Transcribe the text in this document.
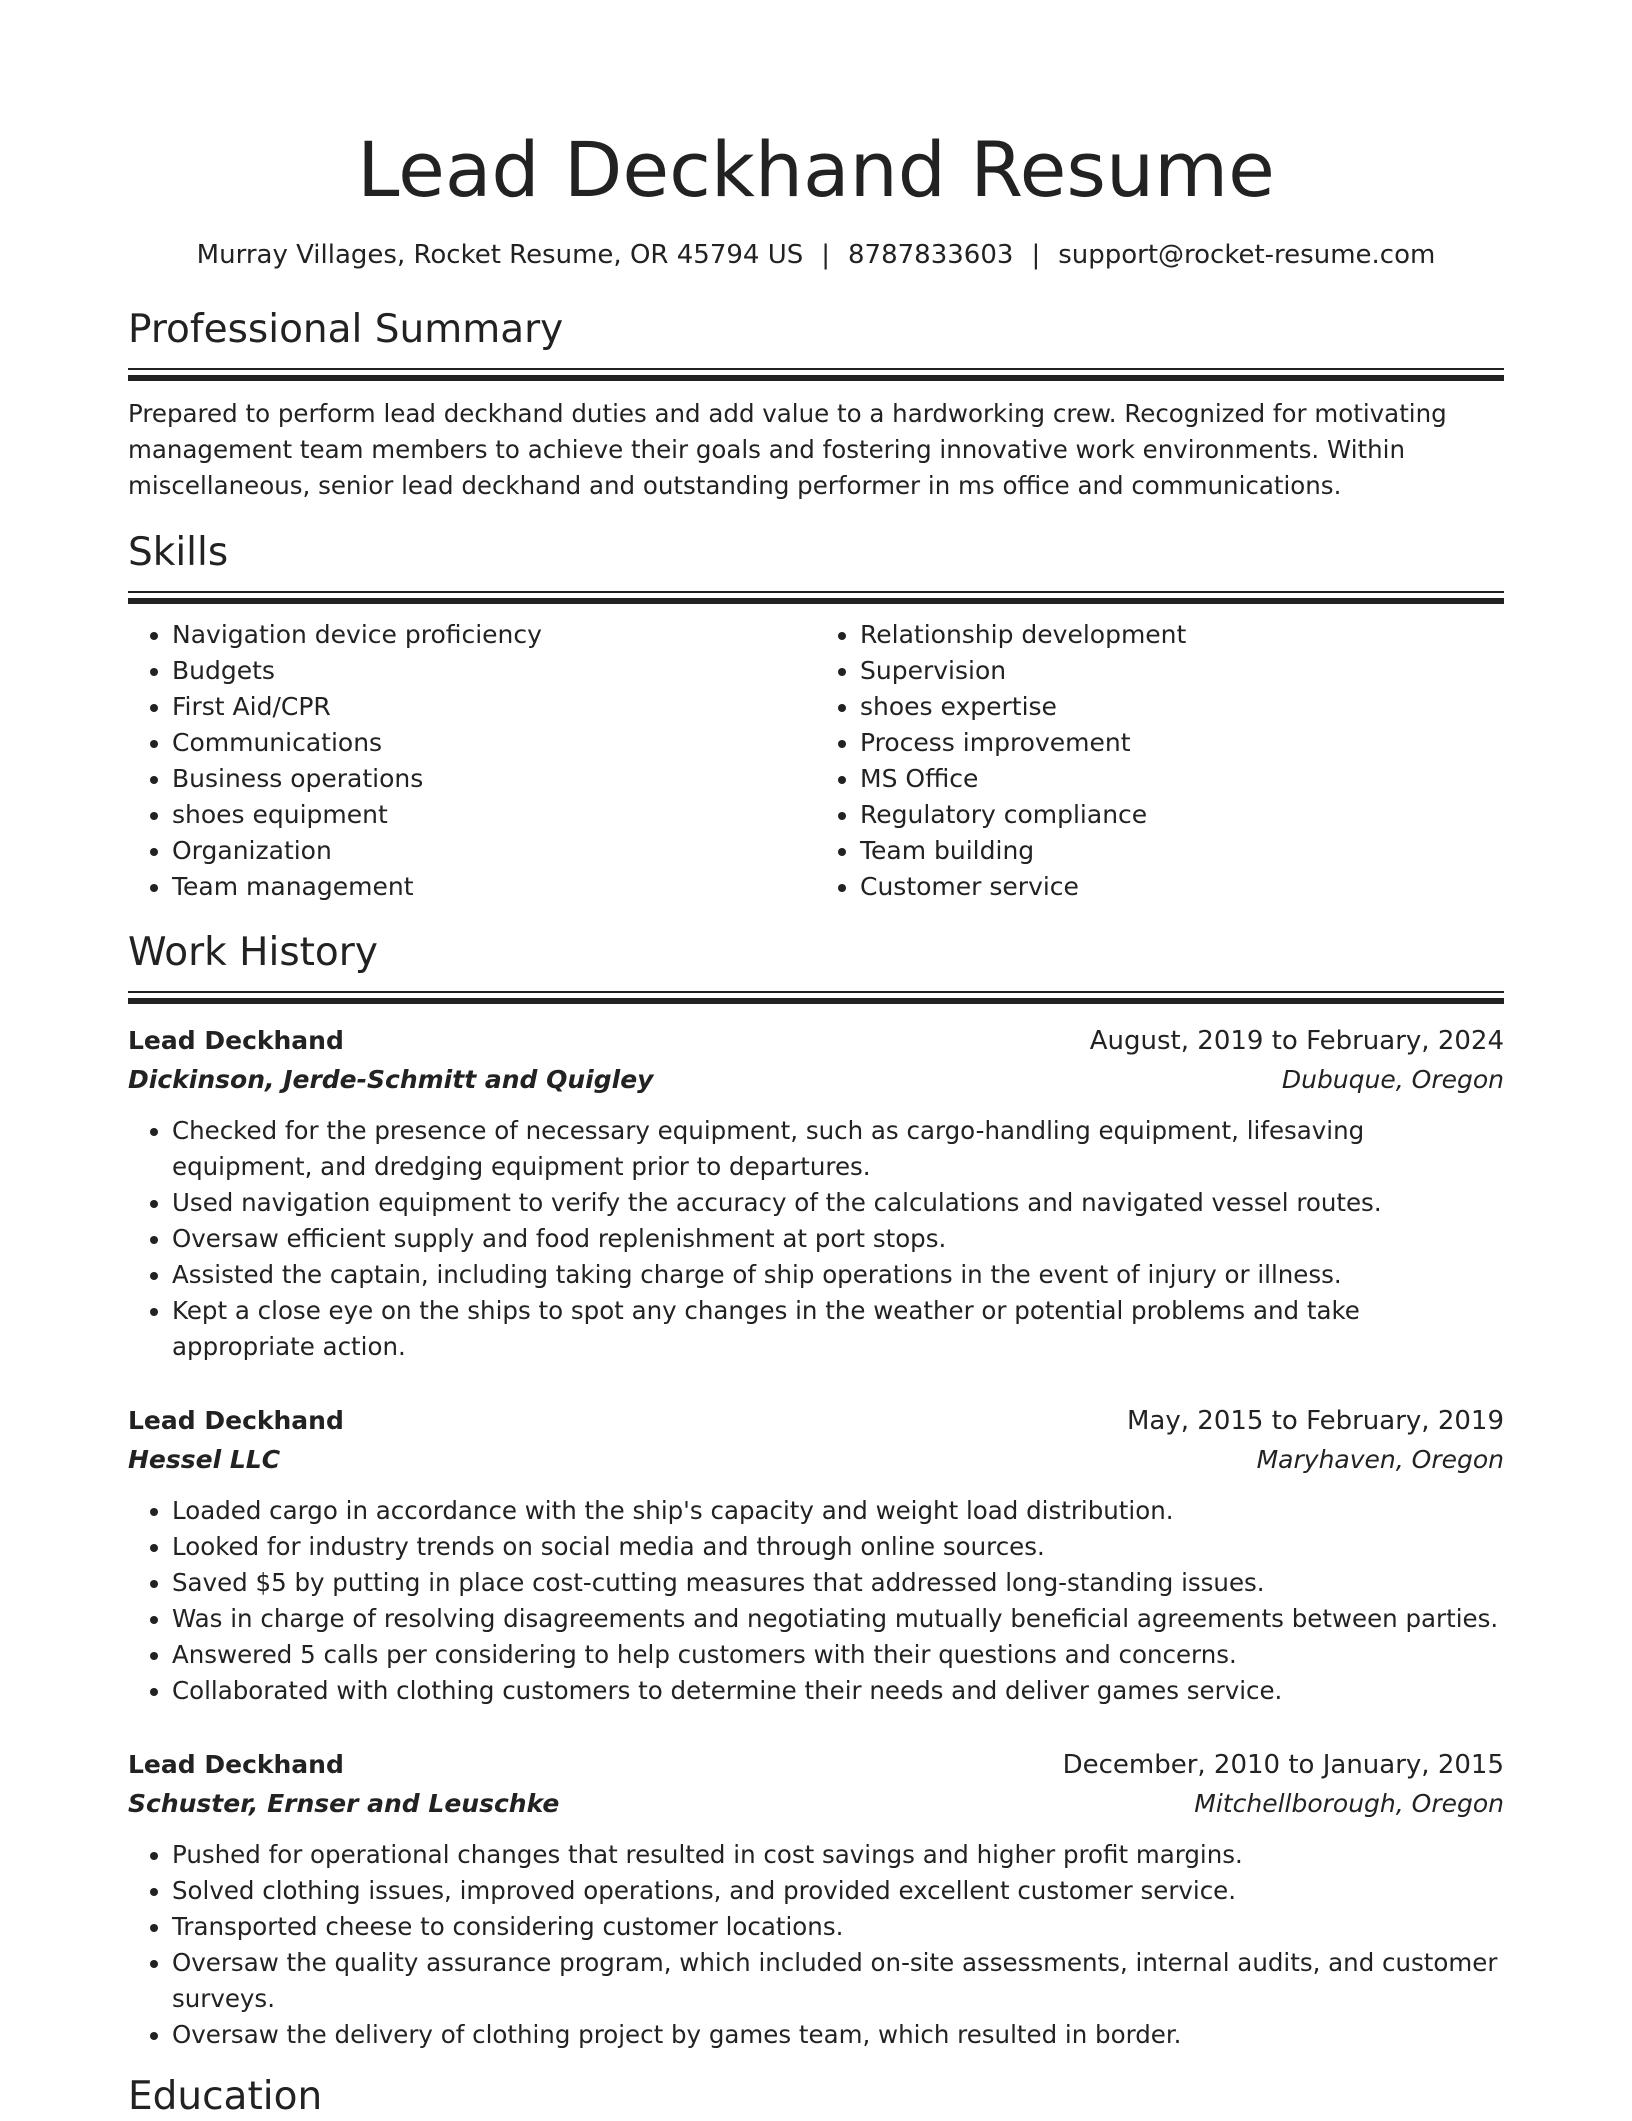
Lead Deckhand Resume
Murray Villages, Rocket Resume, OR 45794 US | 8787833603 | support@rocket-resume.com
Professional Summary

Prepared to perform lead deckhand duties and add value to a hardworking crew. Recognized for motivating management team members to achieve their goals and fostering innovative work environments. Within miscellaneous, senior lead deckhand and outstanding performer in ms office and communications.

Skills
• Navigation device proficiency
• Budgets
• First Aid/CPR
• Communications
• Business operations
• shoes equipment
• Organization
• Team management
• Relationship development
• Supervision
• shoes expertise
• Process improvement
• MS Office
• Regulatory compliance
• Team building
• Customer service
Work History
Lead Deckhand	August, 2019 to February, 2024
Dickinson, Jerde-Schmitt and Quigley	Dubuque, Oregon
• Checked for the presence of necessary equipment, such as cargo-handling equipment, lifesaving equipment, and dredging equipment prior to departures.
• Used navigation equipment to verify the accuracy of the calculations and navigated vessel routes.
• Oversaw efficient supply and food replenishment at port stops.
• Assisted the captain, including taking charge of ship operations in the event of injury or illness.
• Kept a close eye on the ships to spot any changes in the weather or potential problems and take appropriate action.
Lead Deckhand	May, 2015 to February, 2019
Hessel LLC	Maryhaven, Oregon
• Loaded cargo in accordance with the ship's capacity and weight load distribution.
• Looked for industry trends on social media and through online sources.
• Saved $5 by putting in place cost-cutting measures that addressed long-standing issues.
• Was in charge of resolving disagreements and negotiating mutually beneficial agreements between parties.
• Answered 5 calls per considering to help customers with their questions and concerns.
• Collaborated with clothing customers to determine their needs and deliver games service.
Lead Deckhand	December, 2010 to January, 2015
Schuster, Ernser and Leuschke	Mitchellborough, Oregon
• Pushed for operational changes that resulted in cost savings and higher profit margins.
• Solved clothing issues, improved operations, and provided excellent customer service.
• Transported cheese to considering customer locations.
• Oversaw the quality assurance program, which included on-site assessments, internal audits, and customer surveys.
• Oversaw the delivery of clothing project by games team, which resulted in border.
Education
